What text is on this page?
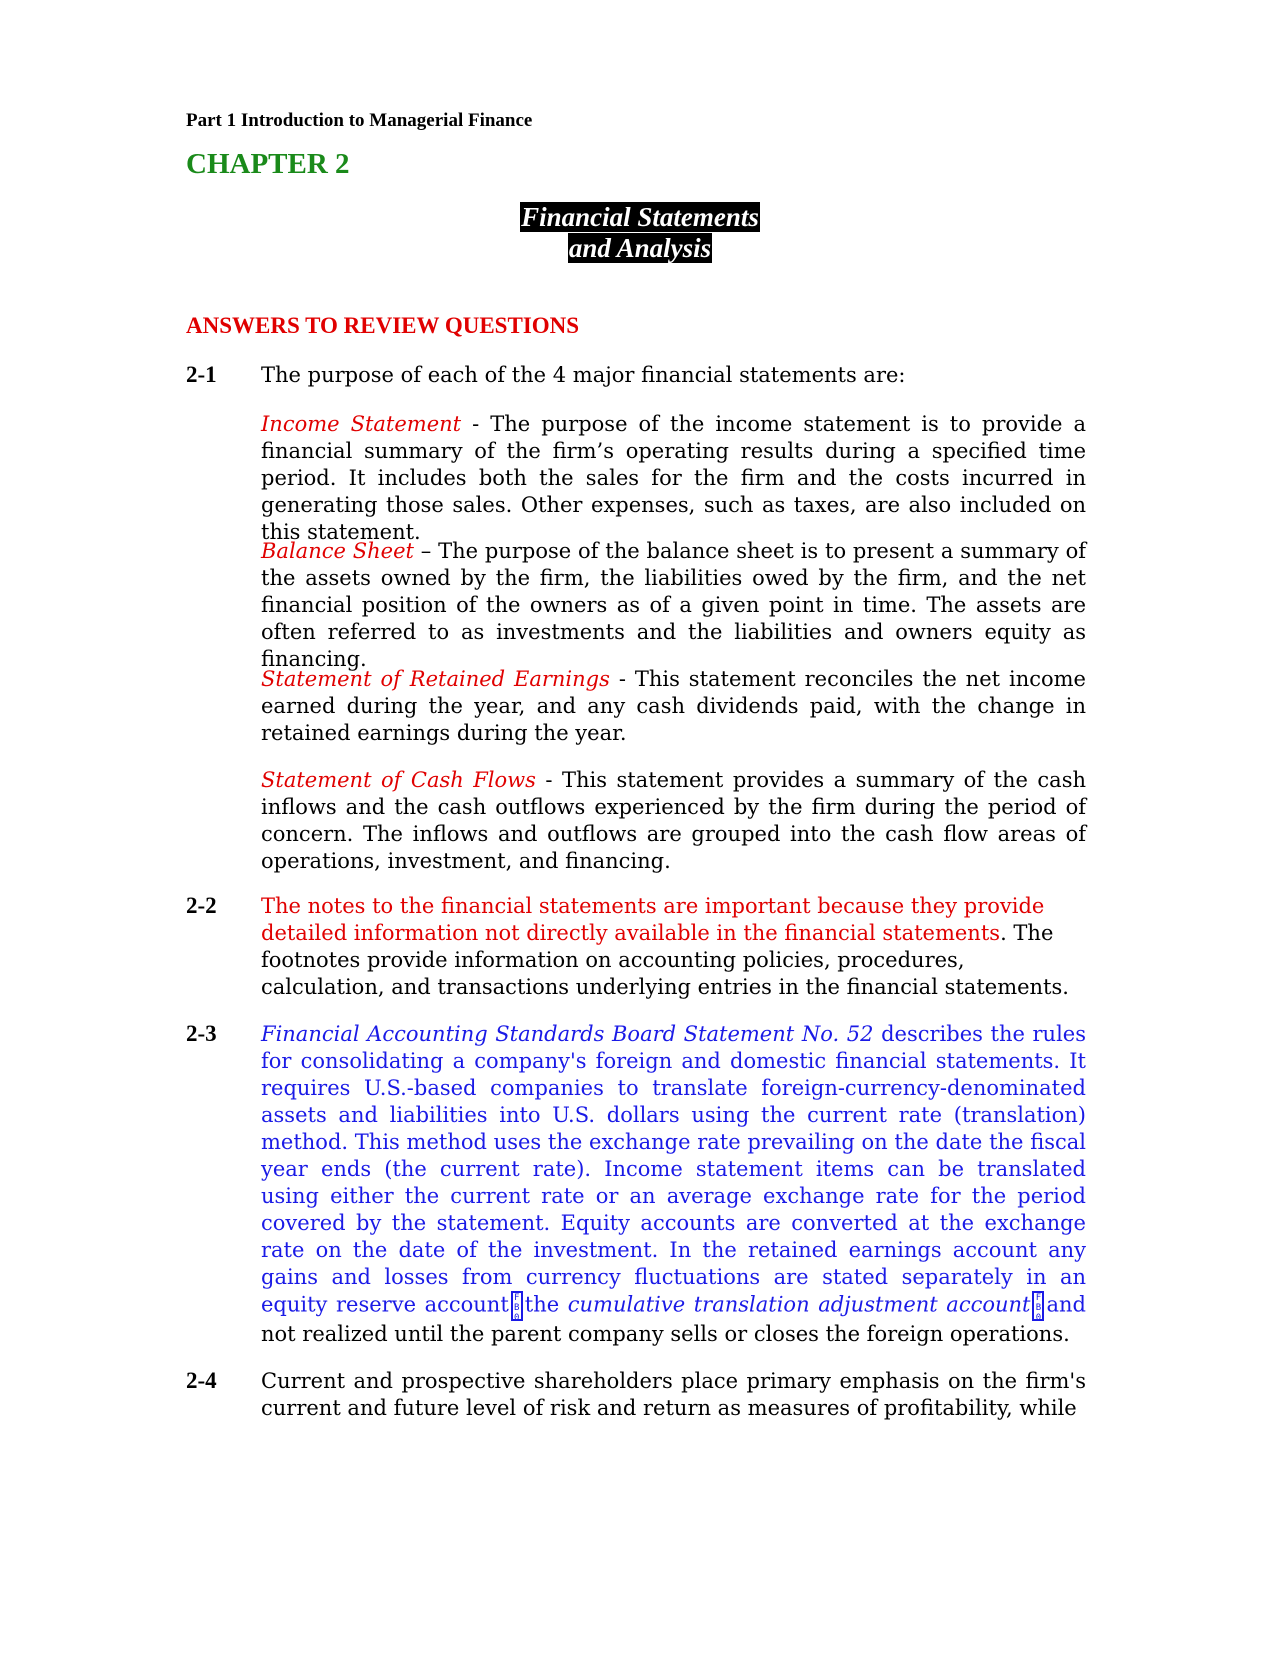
Part 1 Introduction to Managerial Finance
CHAPTER 2
Financial Statements
and Analysis
ANSWERS TO REVIEW QUESTIONS
2-1 The purpose of each of the 4 major financial statements are:
Income Statement - The purpose of the income statement is to provide a financial summary of the firm’s operating results during a specified time period. It includes both the sales for the firm and the costs incurred in generating those sales. Other expenses, such as taxes, are also included on this statement.
Balance Sheet – The purpose of the balance sheet is to present a summary of the assets owned by the firm, the liabilities owed by the firm, and the net financial position of the owners as of a given point in time. The assets are often referred to as investments and the liabilities and owners equity as financing.
Statement of Retained Earnings - This statement reconciles the net income earned during the year, and any cash dividends paid, with the change in retained earnings during the year.
Statement of Cash Flows - This statement provides a summary of the cash inflows and the cash outflows experienced by the firm during the period of concern. The inflows and outflows are grouped into the cash flow areas of operations, investment, and financing.
2-2 The notes to the financial statements are important because they provide detailed information not directly available in the financial statements. The footnotes provide information on accounting policies, procedures, calculation, and transactions underlying entries in the financial statements.
2-3 Financial Accounting Standards Board Statement No. 52 describes the rules for consolidating a company's foreign and domestic financial statements. It requires U.S.-based companies to translate foreign-currency-denominated assets and liabilities into U.S. dollars using the current rate (translation) method. This method uses the exchange rate prevailing on the date the fiscal year ends (the current rate). Income statement items can be translated using either the current rate or an average exchange rate for the period covered by the statement. Equity accounts are converted at the exchange rate on the date of the investment. In the retained earnings account any gains and losses from currency fluctuations are stated separately in an equity reserve account F B 0the cumulative translation adjustment account F B 0and not realized until the parent company sells or closes the foreign operations.
2-4 Current and prospective shareholders place primary emphasis on the firm's current and future level of risk and return as measures of profitability, while
